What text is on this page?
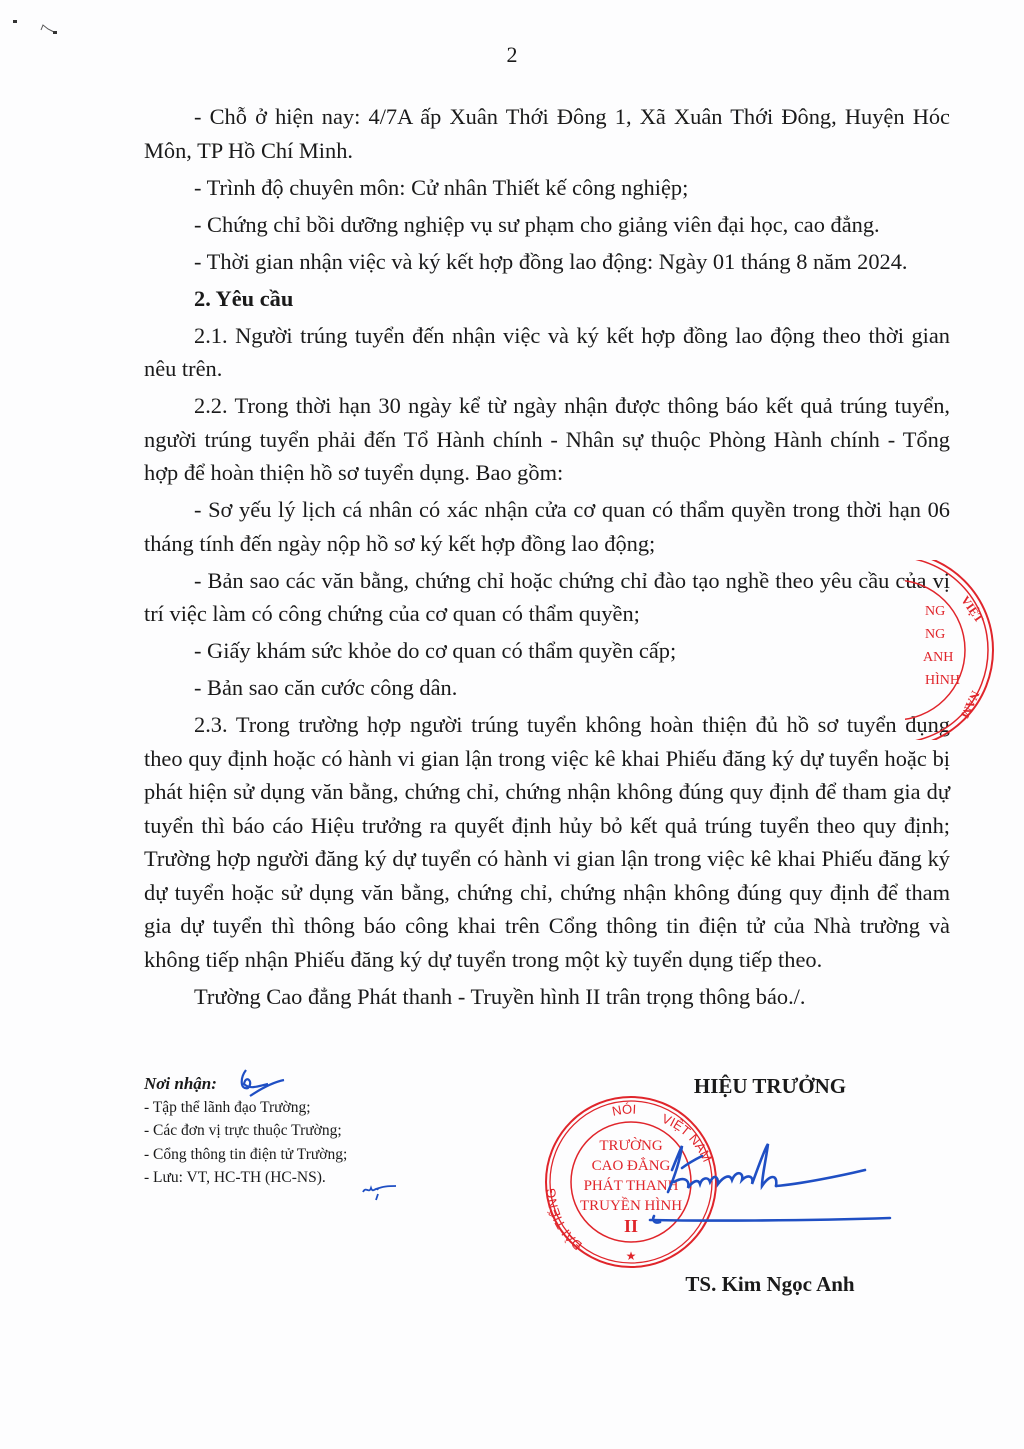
2

- Chỗ ở hiện nay: 4/7A ấp Xuân Thới Đông 1, Xã Xuân Thới Đông, Huyện Hóc Môn, TP Hồ Chí Minh.

- Trình độ chuyên môn: Cử nhân Thiết kế công nghiệp;

- Chứng chỉ bồi dưỡng nghiệp vụ sư phạm cho giảng viên đại học, cao đẳng.

- Thời gian nhận việc và ký kết hợp đồng lao động: Ngày 01 tháng 8 năm 2024.

2. Yêu cầu

2.1. Người trúng tuyển đến nhận việc và ký kết hợp đồng lao động theo thời gian nêu trên.

2.2. Trong thời hạn 30 ngày kể từ ngày nhận được thông báo kết quả trúng tuyển, người trúng tuyển phải đến Tổ Hành chính - Nhân sự thuộc Phòng Hành chính - Tổng hợp để hoàn thiện hồ sơ tuyển dụng. Bao gồm:

- Sơ yếu lý lịch cá nhân có xác nhận cửa cơ quan có thẩm quyền trong thời hạn 06 tháng tính đến ngày nộp hồ sơ ký kết hợp đồng lao động;

- Bản sao các văn bằng, chứng chỉ hoặc chứng chỉ đào tạo nghề theo yêu cầu của vị trí việc làm có công chứng của cơ quan có thẩm quyền;

- Giấy khám sức khỏe do cơ quan có thẩm quyền cấp;

- Bản sao căn cước công dân.

2.3. Trong trường hợp người trúng tuyển không hoàn thiện đủ hồ sơ tuyển dụng theo quy định hoặc có hành vi gian lận trong việc kê khai Phiếu đăng ký dự tuyển hoặc bị phát hiện sử dụng văn bằng, chứng chỉ, chứng nhận không đúng quy định để tham gia dự tuyển thì báo cáo Hiệu trưởng ra quyết định hủy bỏ kết quả trúng tuyển theo quy định; Trường hợp người đăng ký dự tuyển có hành vi gian lận trong việc kê khai Phiếu đăng ký dự tuyển hoặc sử dụng văn bằng, chứng chỉ, chứng nhận không đúng quy định để tham gia dự tuyển thì thông báo công khai trên Cổng thông tin điện tử của Nhà trường và không tiếp nhận Phiếu đăng ký dự tuyển trong một kỳ tuyển dụng tiếp theo.

Trường Cao đẳng Phát thanh - Truyền hình II trân trọng thông báo./.

NG
NG
ANH
HÌNH
VIỆT
NAM
Nơi nhận:
- Tập thể lãnh đạo Trường;
- Các đơn vị trực thuộc Trường;
- Cổng thông tin điện tử Trường;
- Lưu: VT, HC-TH (HC-NS).
HIỆU TRƯỞNG
TS. Kim Ngọc Anh
ĐÀI TIẾNG
NÓI
VIỆT NAM
★
TRƯỜNG
CAO ĐẲNG
PHÁT THANH
TRUYỀN HÌNH
II
